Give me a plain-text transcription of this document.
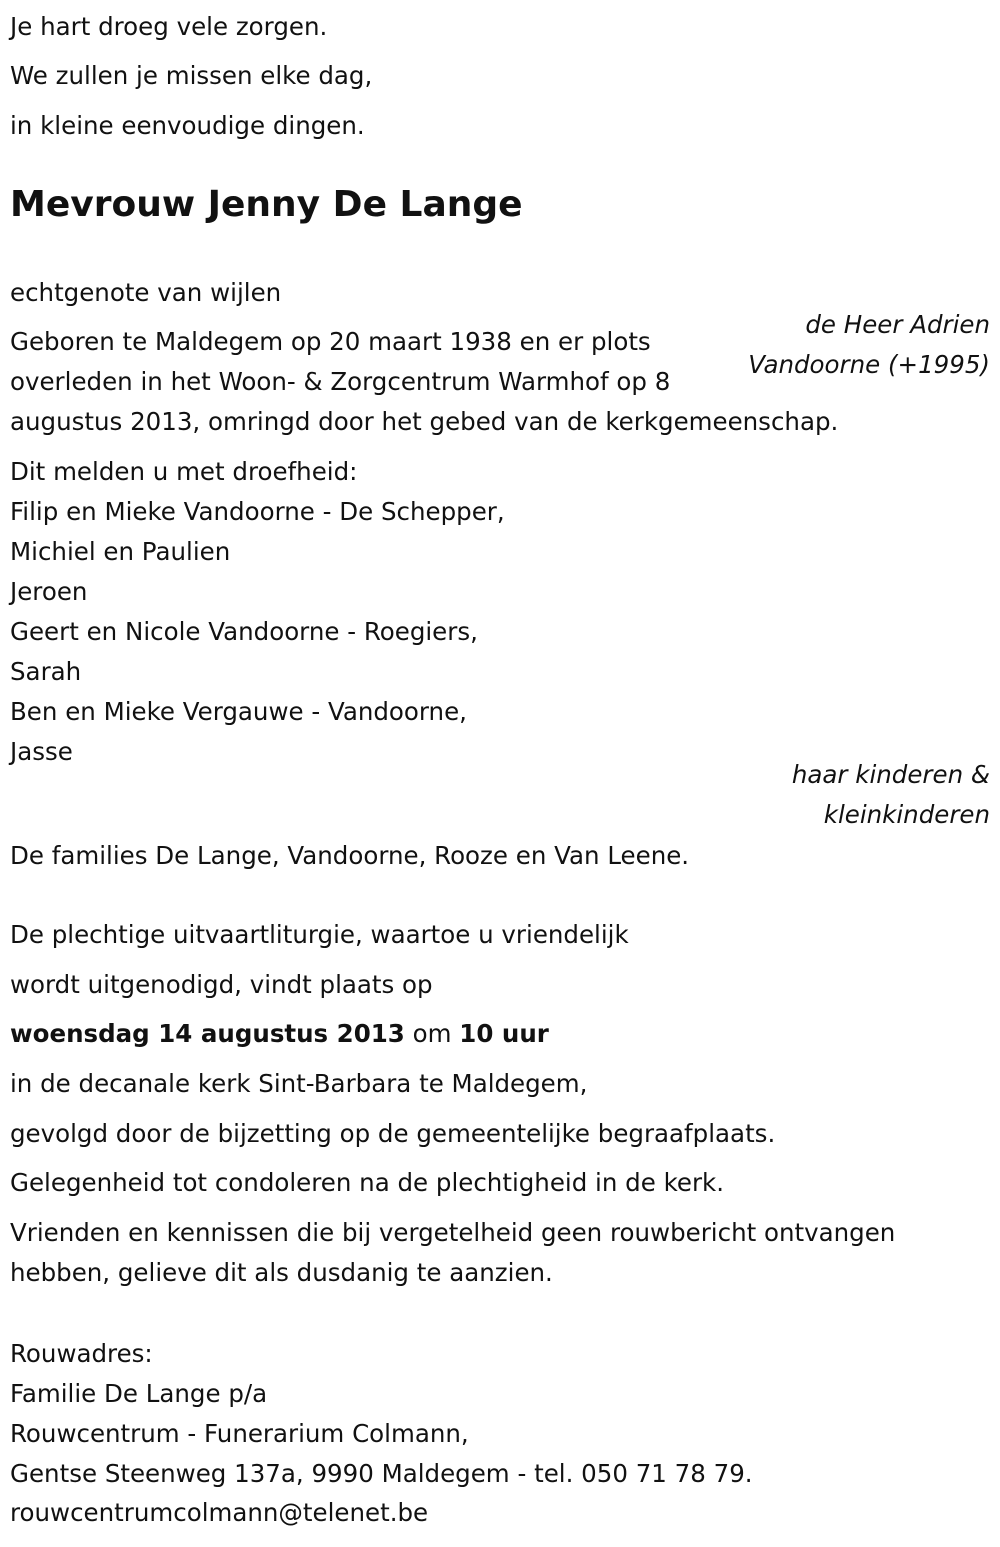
Je hart droeg vele zorgen.
We zullen je missen elke dag,
in kleine eenvoudige dingen.
Mevrouw Jenny De Lange
echtgenote van wijlen
de Heer Adrien
Vandoorne (+1995)
Geboren te Maldegem op 20 maart 1938 en er plots
overleden in het Woon- & Zorgcentrum Warmhof op 8
augustus 2013, omringd door het gebed van de kerkgemeenschap.
Dit melden u met droefheid:
Filip en Mieke Vandoorne - De Schepper,
Michiel en Paulien
Jeroen
Geert en Nicole Vandoorne - Roegiers,
Sarah
Ben en Mieke Vergauwe - Vandoorne,
Jasse
haar kinderen &
kleinkinderen
De families De Lange, Vandoorne, Rooze en Van Leene.
De plechtige uitvaartliturgie, waartoe u vriendelijk
wordt uitgenodigd, vindt plaats op
woensdag 14 augustus 2013 om 10 uur
in de decanale kerk Sint-Barbara te Maldegem,
gevolgd door de bijzetting op de gemeentelijke begraafplaats.
Gelegenheid tot condoleren na de plechtigheid in de kerk.
Vrienden en kennissen die bij vergetelheid geen rouwbericht ontvangen
hebben, gelieve dit als dusdanig te aanzien.
Rouwadres:
Familie De Lange p/a
Rouwcentrum - Funerarium Colmann,
Gentse Steenweg 137a, 9990 Maldegem - tel. 050 71 78 79.
rouwcentrumcolmann@telenet.be
